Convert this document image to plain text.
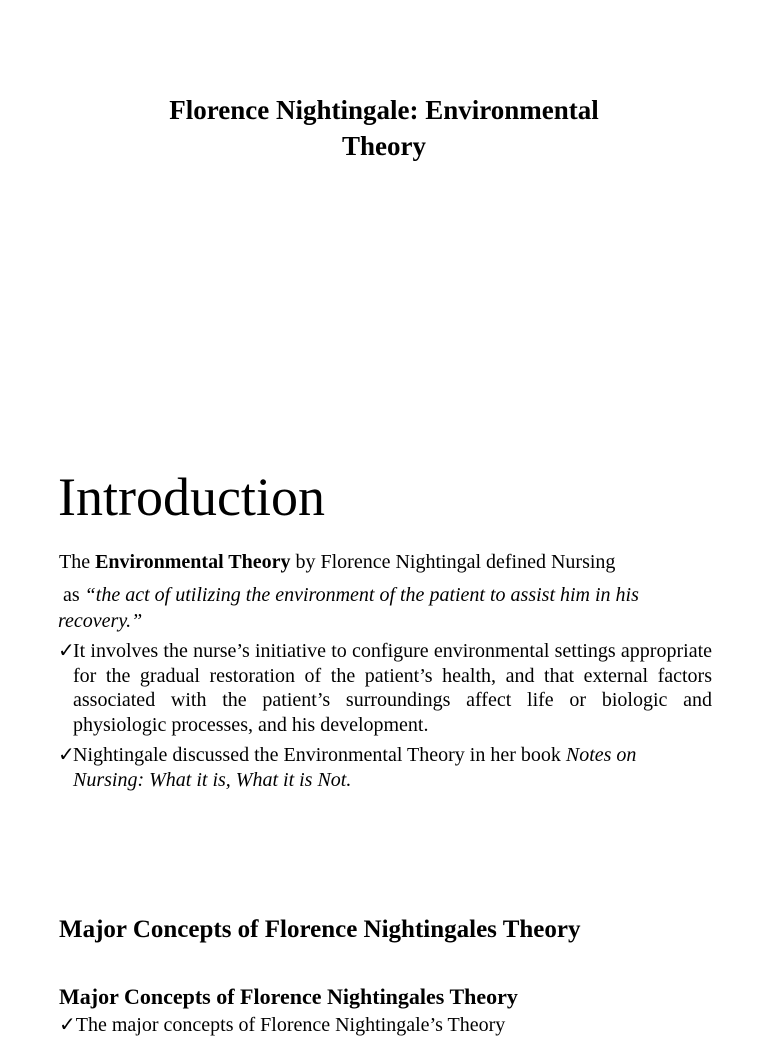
Florence Nightingale: Environmental
Theory
Introduction
The Environmental Theory by Florence Nightingal defined Nursing
as “the act of utilizing the environment of the patient to assist him in his recovery.”
✓It involves the nurse’s initiative to configure environmental settings appropriate for the gradual restoration of the patient’s health, and that external factors associated with the patient’s surroundings affect life or biologic and physiologic processes, and his development.
✓Nightingale discussed the Environmental Theory in her book Notes on Nursing: What it is, What it is Not.
Major Concepts of Florence Nightingales Theory
Major Concepts of Florence Nightingales Theory
✓The major concepts of Florence Nightingale’s Theory
